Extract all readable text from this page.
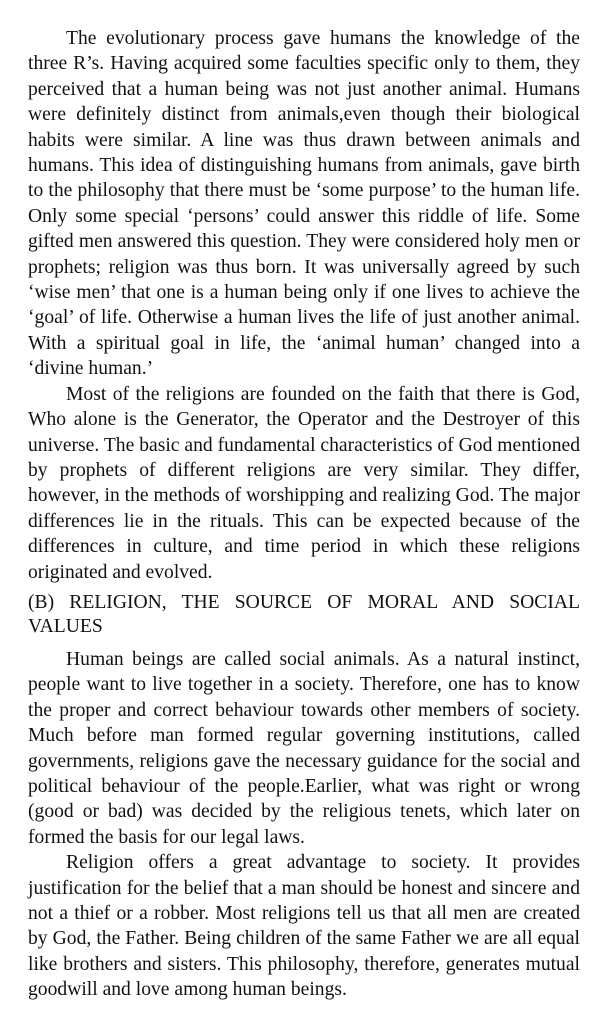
The evolutionary process gave humans the knowledge of the three R’s. Having acquired some faculties specific only to them, they perceived that a human being was not just another animal. Humans were definitely distinct from animals,even though their biological habits were similar. A line was thus drawn between animals and humans. This idea of distinguishing humans from animals, gave birth to the philosophy that there must be ‘some purpose’ to the human life. Only some special ‘persons’ could answer this riddle of life. Some gifted men answered this question. They were considered holy men or prophets; religion was thus born. It was universally agreed by such ‘wise men’ that one is a human being only if one lives to achieve the ‘goal’ of life. Otherwise a human lives the life of just another animal. With a spiritual goal in life, the ‘animal human’ changed into a ‘divine human.’

Most of the religions are founded on the faith that there is God, Who alone is the Generator, the Operator and the Destroyer of this universe. The basic and fundamental characteristics of God mentioned by prophets of different religions are very similar. They differ, however, in the methods of worshipping and realizing God. The major differences lie in the rituals. This can be expected because of the differences in culture, and time period in which these religions originated and evolved.

(B) RELIGION, THE SOURCE OF MORAL AND SOCIAL VALUES

Human beings are called social animals. As a natural instinct, people want to live together in a society. Therefore, one has to know the proper and correct behaviour towards other members of society. Much before man formed regular governing institutions, called governments, religions gave the necessary guidance for the social and political behaviour of the people.Earlier, what was right or wrong (good or bad) was decided by the religious tenets, which later on formed the basis for our legal laws.

Religion offers a great advantage to society. It provides justification for the belief that a man should be honest and sincere and not a thief or a robber. Most religions tell us that all men are created by God, the Father. Being children of the same Father we are all equal like brothers and sisters. This philosophy, therefore, generates mutual goodwill and love among human beings.
